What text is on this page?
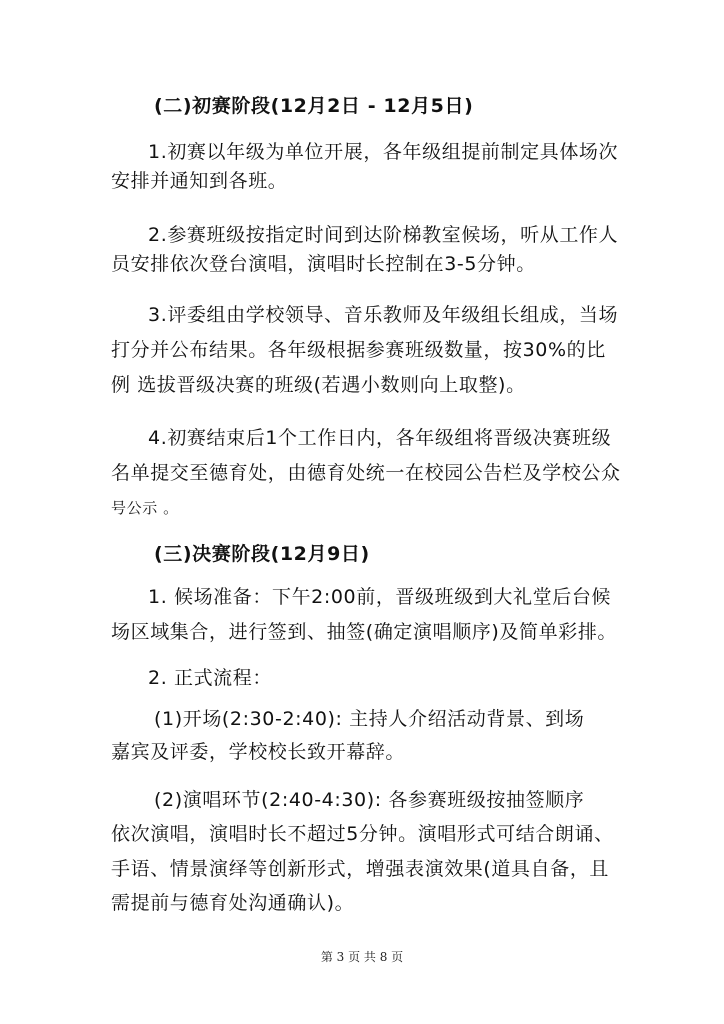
(二)初赛阶段(12月2日 - 12月5日)
1.初赛以年级为单位开展，各年级组提前制定具体场次
安排并通知到各班。
2.参赛班级按指定时间到达阶梯教室候场，听从工作人
员安排依次登台演唱，演唱时长控制在3-5分钟。
3.评委组由学校领导、音乐教师及年级组长组成，当场
打分并公布结果。各年级根据参赛班级数量，按30%的比
例 选拔晋级决赛的班级(若遇小数则向上取整)。
4.初赛结束后1个工作日内，各年级组将晋级决赛班级
名单提交至德育处，由德育处统一在校园公告栏及学校公众
号公示 。
(三)决赛阶段(12月9日)
1. 候场准备：下午2:00前，晋级班级到大礼堂后台候
场区域集合，进行签到、抽签(确定演唱顺序)及简单彩排。
2. 正式流程：
(1)开场(2:30-2:40): 主持人介绍活动背景、到场
嘉宾及评委，学校校长致开幕辞。
(2)演唱环节(2:40-4:30): 各参赛班级按抽签顺序
依次演唱，演唱时长不超过5分钟。演唱形式可结合朗诵、
手语、情景演绎等创新形式，增强表演效果(道具自备，且
需提前与德育处沟通确认)。
第 3 页 共 8 页
